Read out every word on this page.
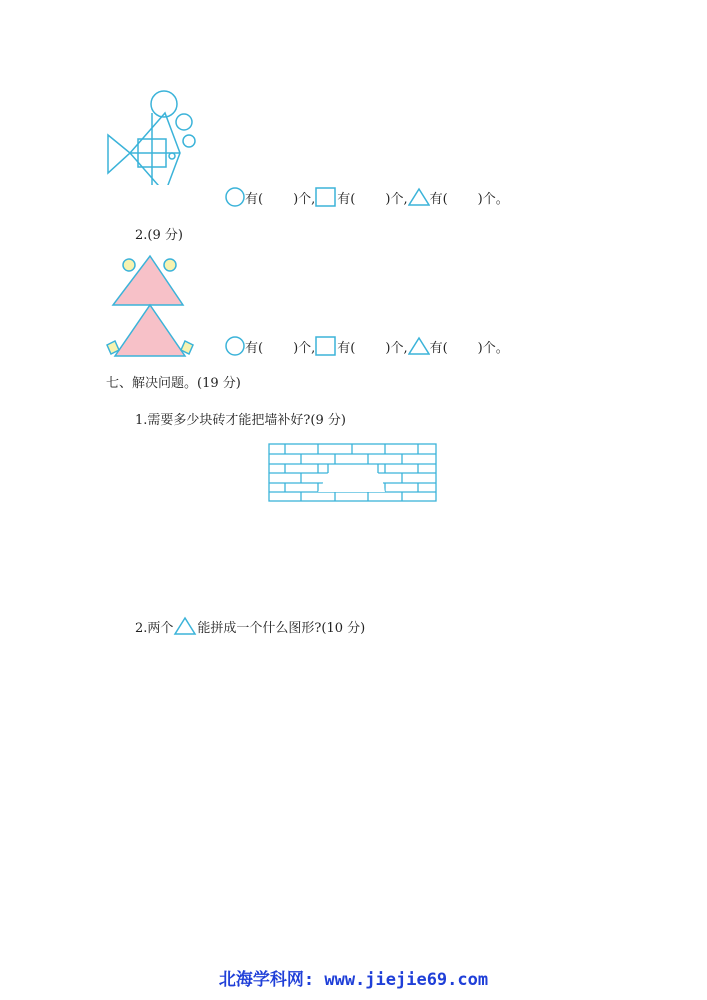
有( )个, 有( )个, 有( )个。
2.(9 分)
有( )个, 有( )个, 有( )个。
七、解决问题。(19 分)
1.需要多少块砖才能把墙补好?(9 分)
2.两个 能拼成一个什么图形?(10 分)
北海学科网: www.jiejie69.com
